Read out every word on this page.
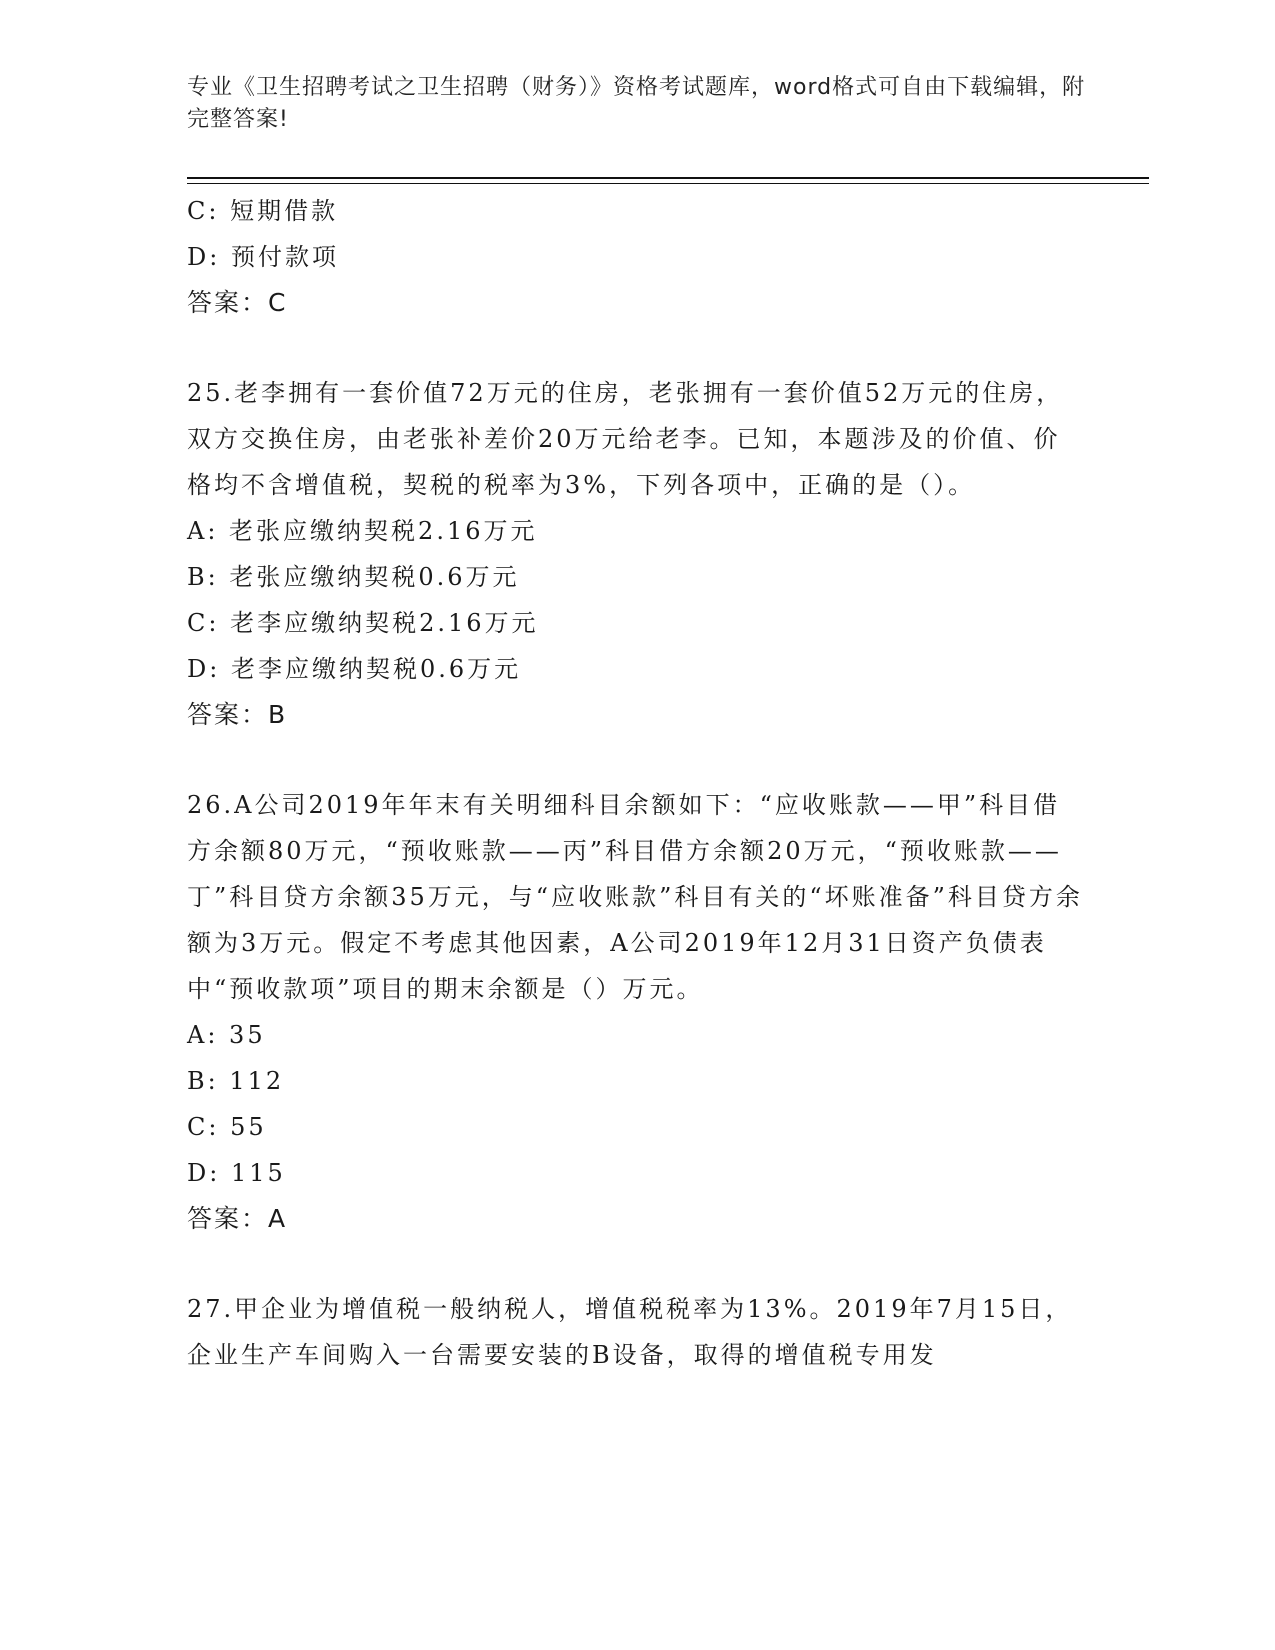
专业《卫生招聘考试之卫生招聘（财务）》资格考试题库，word格式可自由下载编辑，附完整答案!
C: 短期借款
D: 预付款项
答案：C
25.老李拥有一套价值72万元的住房，老张拥有一套价值52万元的住房，双方交换住房，由老张补差价20万元给老李。已知，本题涉及的价值、价格均不含增值税，契税的税率为3%，下列各项中，正确的是（）。
A: 老张应缴纳契税2.16万元
B: 老张应缴纳契税0.6万元
C: 老李应缴纳契税2.16万元
D: 老李应缴纳契税0.6万元
答案：B
26.A公司2019年年末有关明细科目余额如下：“应收账款——甲”科目借方余额80万元，“预收账款——丙”科目借方余额20万元，“预收账款——丁”科目贷方余额35万元，与“应收账款”科目有关的“坏账准备”科目贷方余额为3万元。假定不考虑其他因素，A公司2019年12月31日资产负债表中“预收款项”项目的期末余额是（）万元。
A: 35
B: 112
C: 55
D: 115
答案：A
27.甲企业为增值税一般纳税人，增值税税率为13%。2019年7月15日，企业生产车间购入一台需要安装的B设备，取得的增值税专用发
